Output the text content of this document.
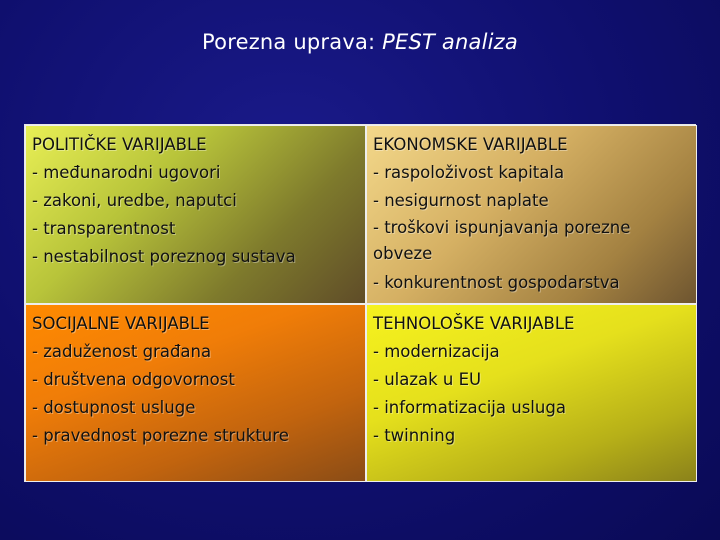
Porezna uprava: PEST analiza
POLITIČKE VARIJABLE
- međunarodni ugovori
- zakoni, uredbe, naputci
- transparentnost
- nestabilnost poreznog sustava
EKONOMSKE VARIJABLE
- raspoloživost kapitala
- nesigurnost naplate
- troškovi ispunjavanja porezne obveze
- konkurentnost gospodarstva
SOCIJALNE VARIJABLE
- zaduženost građana
- društvena odgovornost
- dostupnost usluge
- pravednost porezne strukture
TEHNOLOŠKE VARIJABLE
- modernizacija
- ulazak u EU
- informatizacija usluga
- twinning
